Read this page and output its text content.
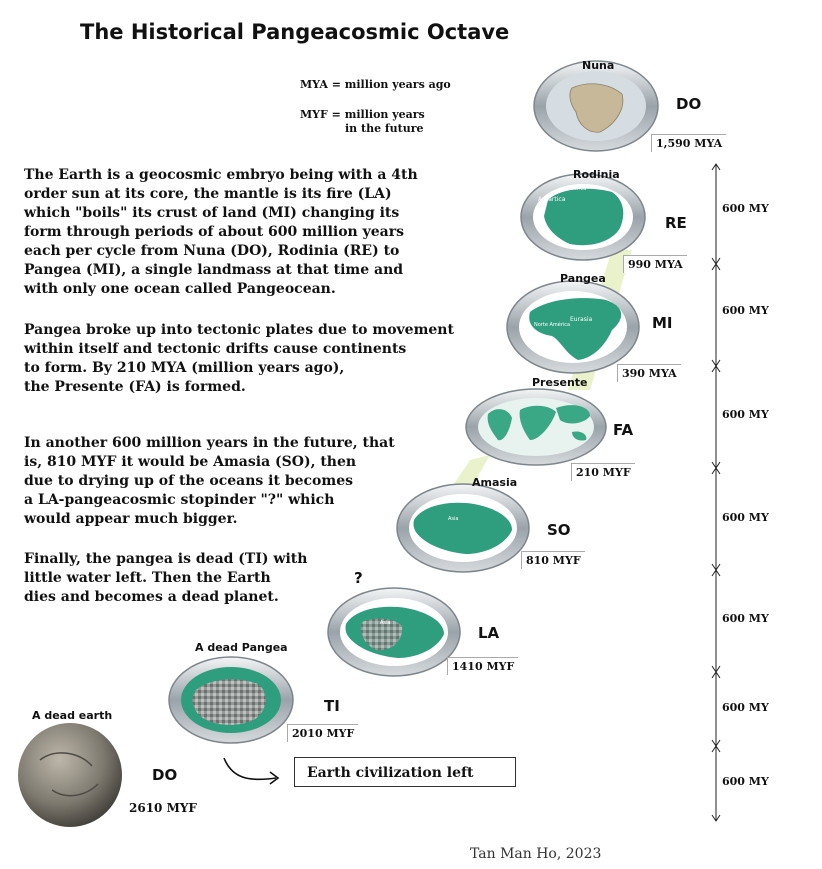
The Historical Pangeacosmic Octave
MYA = million years ago
MYF = million years
in the future
The Earth is a geocosmic embryo being with a 4th
order sun at its core, the mantle is its fire (LA)
which "boils" its crust of land (MI) changing its
form through periods of about 600 million years
each per cycle from Nuna (DO), Rodinia (RE) to
Pangea (MI), a single landmass at that time and
with only one ocean called Pangeocean.
Pangea broke up into tectonic plates due to movement
within itself and tectonic drifts cause continents
to form. By 210 MYA (million years ago),
the Presente (FA) is formed.
In another 600 million years in the future, that
is, 810 MYF it would be Amasia (SO), then
due to drying up of the oceans it becomes
a LA-pangeacosmic stopinder "?" which
would appear much bigger.
Finally, the pangea is dead (TI) with
little water left. Then the Earth
dies and becomes a dead planet.
Nuna
Rodinia
Pangea
Presente
Amasia
?
A dead Pangea
A dead earth
DO
RE
MI
FA
SO
LA
TI
DO
1,590 MYA
990 MYA
390 MYA
210 MYF
810 MYF
1410 MYF
2010 MYF
2610 MYF
600 MY
600 MY
600 MY
600 MY
600 MY
600 MY
600 MY
Africa
Antartica
Eurasia
Norte América
Asia
Asia
Earth civilization left
Tan Man Ho, 2023
